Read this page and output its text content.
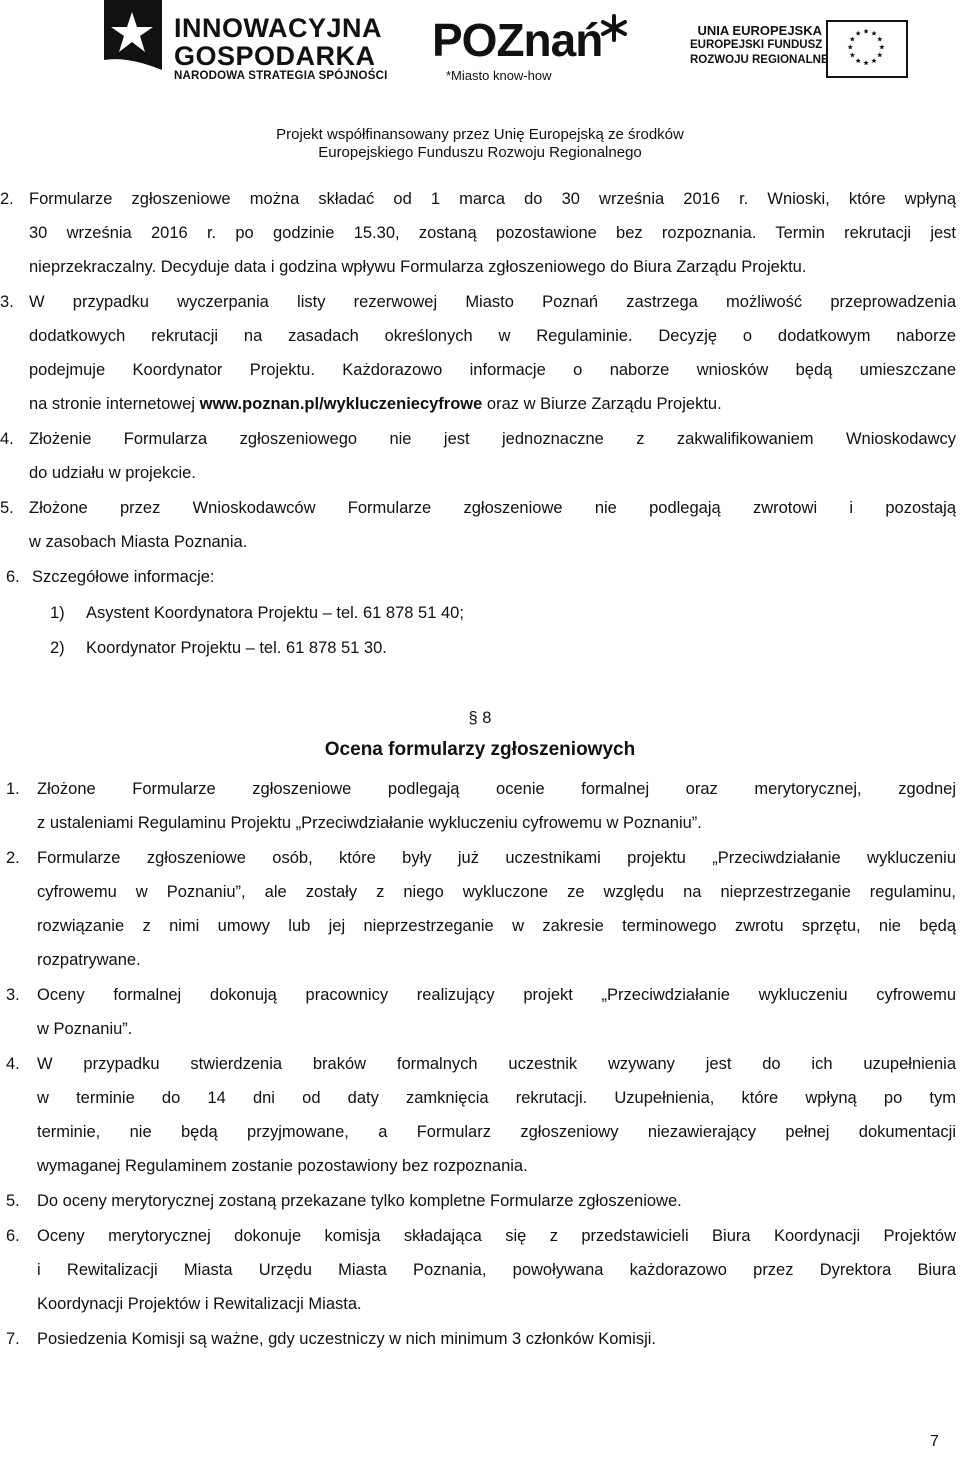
INNOWACYJNA
GOSPODARKA
NARODOWA STRATEGIA SPÓJNOŚCI
POZnań
*Miasto know-how
UNIA EUROPEJSKA
EUROPEJSKI FUNDUSZ
ROZWOJU REGIONALNEGO
Projekt współfinansowany przez Unię Europejską ze środków
Europejskiego Funduszu Rozwoju Regionalnego
2. Formularze zgłoszeniowe można składać od 1 marca do 30 września 2016 r. Wnioski, które wpłyną
30 września 2016 r. po godzinie 15.30, zostaną pozostawione bez rozpoznania. Termin rekrutacji jest
nieprzekraczalny. Decyduje data i godzina wpływu Formularza zgłoszeniowego do Biura Zarządu Projektu.
3. W przypadku wyczerpania listy rezerwowej Miasto Poznań zastrzega możliwość przeprowadzenia
dodatkowych rekrutacji na zasadach określonych w Regulaminie. Decyzję o dodatkowym naborze
podejmuje Koordynator Projektu. Każdorazowo informacje o naborze wniosków będą umieszczane
na stronie internetowej www.poznan.pl/wykluczeniecyfrowe oraz w Biurze Zarządu Projektu.
4. Złożenie Formularza zgłoszeniowego nie jest jednoznaczne z zakwalifikowaniem Wnioskodawcy
do udziału w projekcie.
5. Złożone przez Wnioskodawców Formularze zgłoszeniowe nie podlegają zwrotowi i pozostają
w zasobach Miasta Poznania.
6. Szczegółowe informacje:
1) Asystent Koordynatora Projektu – tel. 61 878 51 40;
2) Koordynator Projektu – tel. 61 878 51 30.
§ 8
Ocena formularzy zgłoszeniowych
1. Złożone Formularze zgłoszeniowe podlegają ocenie formalnej oraz merytorycznej, zgodnej
z ustaleniami Regulaminu Projektu „Przeciwdziałanie wykluczeniu cyfrowemu w Poznaniu”.
2. Formularze zgłoszeniowe osób, które były już uczestnikami projektu „Przeciwdziałanie wykluczeniu
cyfrowemu w Poznaniu”, ale zostały z niego wykluczone ze względu na nieprzestrzeganie regulaminu,
rozwiązanie z nimi umowy lub jej nieprzestrzeganie w zakresie terminowego zwrotu sprzętu, nie będą
rozpatrywane.
3. Oceny formalnej dokonują pracownicy realizujący projekt „Przeciwdziałanie wykluczeniu cyfrowemu
w Poznaniu”.
4. W przypadku stwierdzenia braków formalnych uczestnik wzywany jest do ich uzupełnienia
w terminie do 14 dni od daty zamknięcia rekrutacji. Uzupełnienia, które wpłyną po tym
terminie, nie będą przyjmowane, a Formularz zgłoszeniowy niezawierający pełnej dokumentacji
wymaganej Regulaminem zostanie pozostawiony bez rozpoznania.
5. Do oceny merytorycznej zostaną przekazane tylko kompletne Formularze zgłoszeniowe.
6. Oceny merytorycznej dokonuje komisja składająca się z przedstawicieli Biura Koordynacji Projektów
i Rewitalizacji Miasta Urzędu Miasta Poznania, powoływana każdorazowo przez Dyrektora Biura
Koordynacji Projektów i Rewitalizacji Miasta.
7. Posiedzenia Komisji są ważne, gdy uczestniczy w nich minimum 3 członków Komisji.
7
